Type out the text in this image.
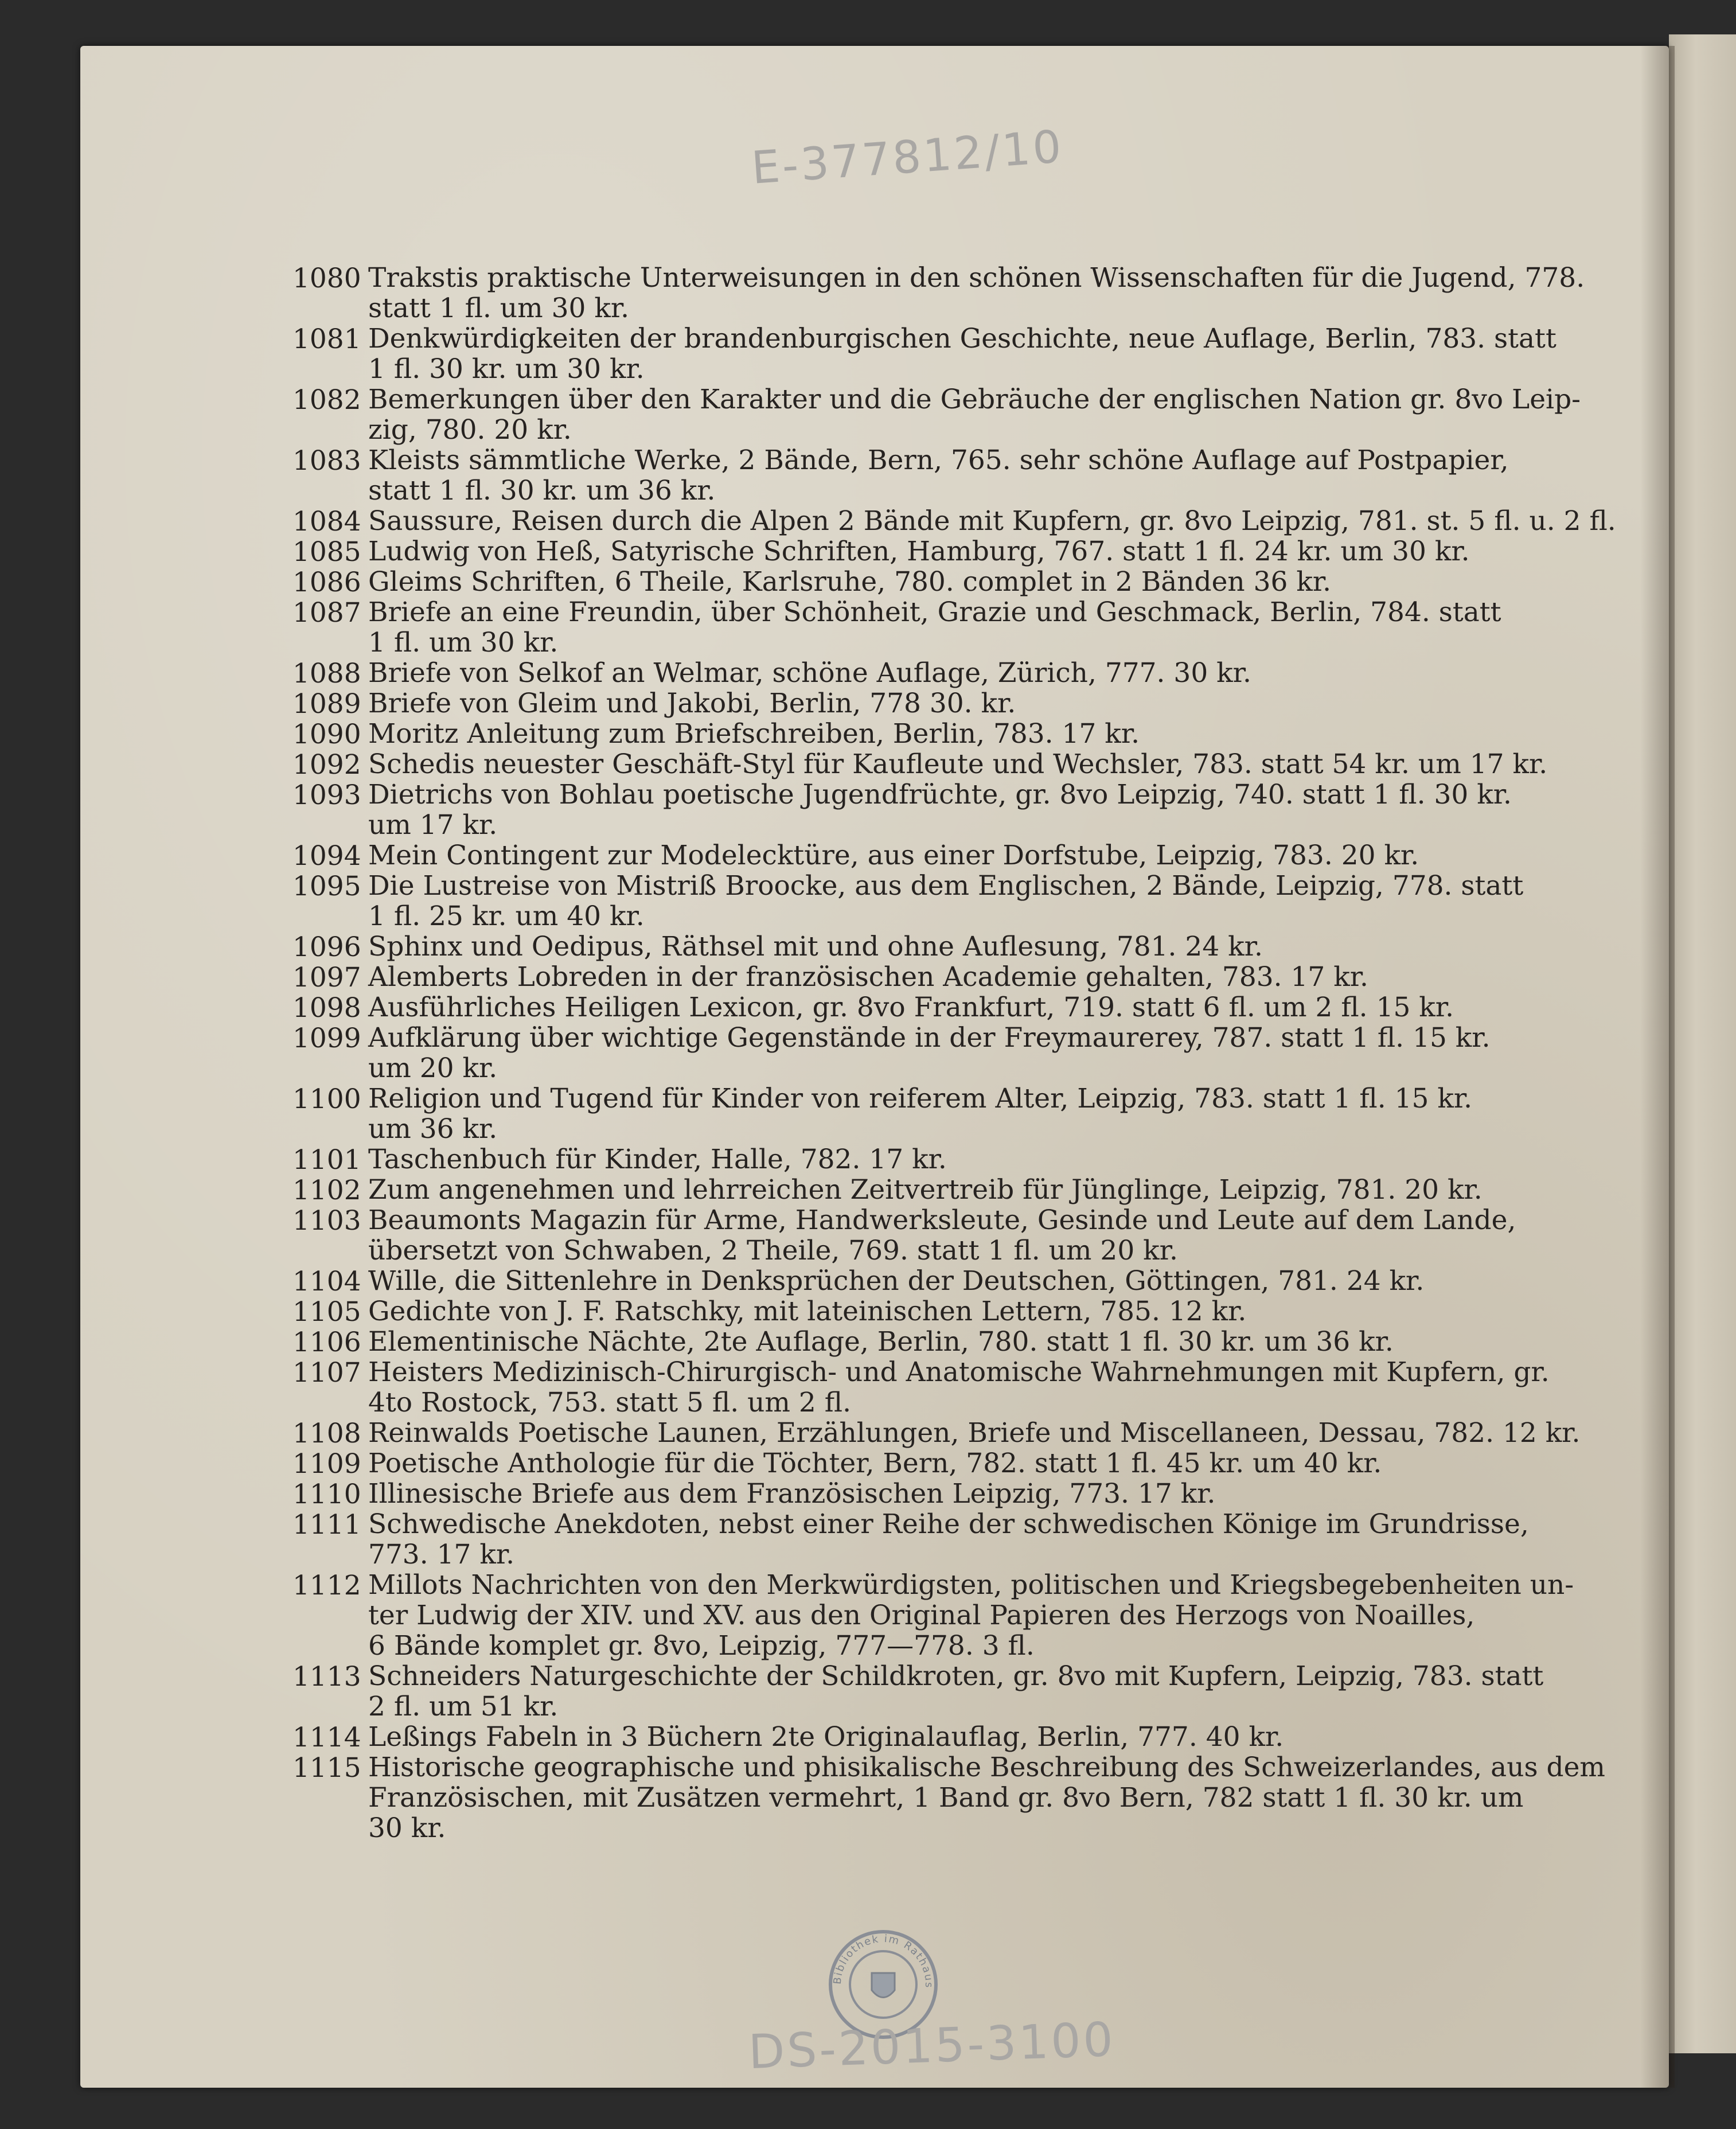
E-377812/10
1080 Trakstis praktische Unterweisungen in den schönen Wissenschaften für die Jugend, 778.
statt 1 fl. um 30 kr.
1081 Denkwürdigkeiten der brandenburgischen Geschichte, neue Auflage, Berlin, 783. statt
1 fl. 30 kr. um 30 kr.
1082 Bemerkungen über den Karakter und die Gebräuche der englischen Nation gr. 8vo Leip-
zig, 780. 20 kr.
1083 Kleists sämmtliche Werke, 2 Bände, Bern, 765. sehr schöne Auflage auf Postpapier,
statt 1 fl. 30 kr. um 36 kr.
1084 Saussure, Reisen durch die Alpen 2 Bände mit Kupfern, gr. 8vo Leipzig, 781. st. 5 fl. u. 2 fl.
1085 Ludwig von Heß, Satyrische Schriften, Hamburg, 767. statt 1 fl. 24 kr. um 30 kr.
1086 Gleims Schriften, 6 Theile, Karlsruhe, 780. complet in 2 Bänden 36 kr.
1087 Briefe an eine Freundin, über Schönheit, Grazie und Geschmack, Berlin, 784. statt
1 fl. um 30 kr.
1088 Briefe von Selkof an Welmar, schöne Auflage, Zürich, 777. 30 kr.
1089 Briefe von Gleim und Jakobi, Berlin, 778 30. kr.
1090 Moritz Anleitung zum Briefschreiben, Berlin, 783. 17 kr.
1092 Schedis neuester Geschäft-Styl für Kaufleute und Wechsler, 783. statt 54 kr. um 17 kr.
1093 Dietrichs von Bohlau poetische Jugendfrüchte, gr. 8vo Leipzig, 740. statt 1 fl. 30 kr.
um 17 kr.
1094 Mein Contingent zur Modelecktüre, aus einer Dorfstube, Leipzig, 783. 20 kr.
1095 Die Lustreise von Mistriß Broocke, aus dem Englischen, 2 Bände, Leipzig, 778. statt
1 fl. 25 kr. um 40 kr.
1096 Sphinx und Oedipus, Räthsel mit und ohne Auflesung, 781. 24 kr.
1097 Alemberts Lobreden in der französischen Academie gehalten, 783. 17 kr.
1098 Ausführliches Heiligen Lexicon, gr. 8vo Frankfurt, 719. statt 6 fl. um 2 fl. 15 kr.
1099 Aufklärung über wichtige Gegenstände in der Freymaurerey, 787. statt 1 fl. 15 kr.
um 20 kr.
1100 Religion und Tugend für Kinder von reiferem Alter, Leipzig, 783. statt 1 fl. 15 kr.
um 36 kr.
1101 Taschenbuch für Kinder, Halle, 782. 17 kr.
1102 Zum angenehmen und lehrreichen Zeitvertreib für Jünglinge, Leipzig, 781. 20 kr.
1103 Beaumonts Magazin für Arme, Handwerksleute, Gesinde und Leute auf dem Lande,
übersetzt von Schwaben, 2 Theile, 769. statt 1 fl. um 20 kr.
1104 Wille, die Sittenlehre in Denksprüchen der Deutschen, Göttingen, 781. 24 kr.
1105 Gedichte von J. F. Ratschky, mit lateinischen Lettern, 785. 12 kr.
1106 Elementinische Nächte, 2te Auflage, Berlin, 780. statt 1 fl. 30 kr. um 36 kr.
1107 Heisters Medizinisch-Chirurgisch- und Anatomische Wahrnehmungen mit Kupfern, gr.
4to Rostock, 753. statt 5 fl. um 2 fl.
1108 Reinwalds Poetische Launen, Erzählungen, Briefe und Miscellaneen, Dessau, 782. 12 kr.
1109 Poetische Anthologie für die Töchter, Bern, 782. statt 1 fl. 45 kr. um 40 kr.
1110 Illinesische Briefe aus dem Französischen Leipzig, 773. 17 kr.
1111 Schwedische Anekdoten, nebst einer Reihe der schwedischen Könige im Grundrisse,
773. 17 kr.
1112 Millots Nachrichten von den Merkwürdigsten, politischen und Kriegsbegebenheiten un-
ter Ludwig der XIV. und XV. aus den Original Papieren des Herzogs von Noailles,
6 Bände komplet gr. 8vo, Leipzig, 777—778. 3 fl.
1113 Schneiders Naturgeschichte der Schildkroten, gr. 8vo mit Kupfern, Leipzig, 783. statt
2 fl. um 51 kr.
1114 Leßings Fabeln in 3 Büchern 2te Originalauflag, Berlin, 777. 40 kr.
1115 Historische geographische und phisikalische Beschreibung des Schweizerlandes, aus dem
Französischen, mit Zusätzen vermehrt, 1 Band gr. 8vo Bern, 782 statt 1 fl. 30 kr. um
30 kr.
Bibliothek im Rathaus
DS-2015-3100
